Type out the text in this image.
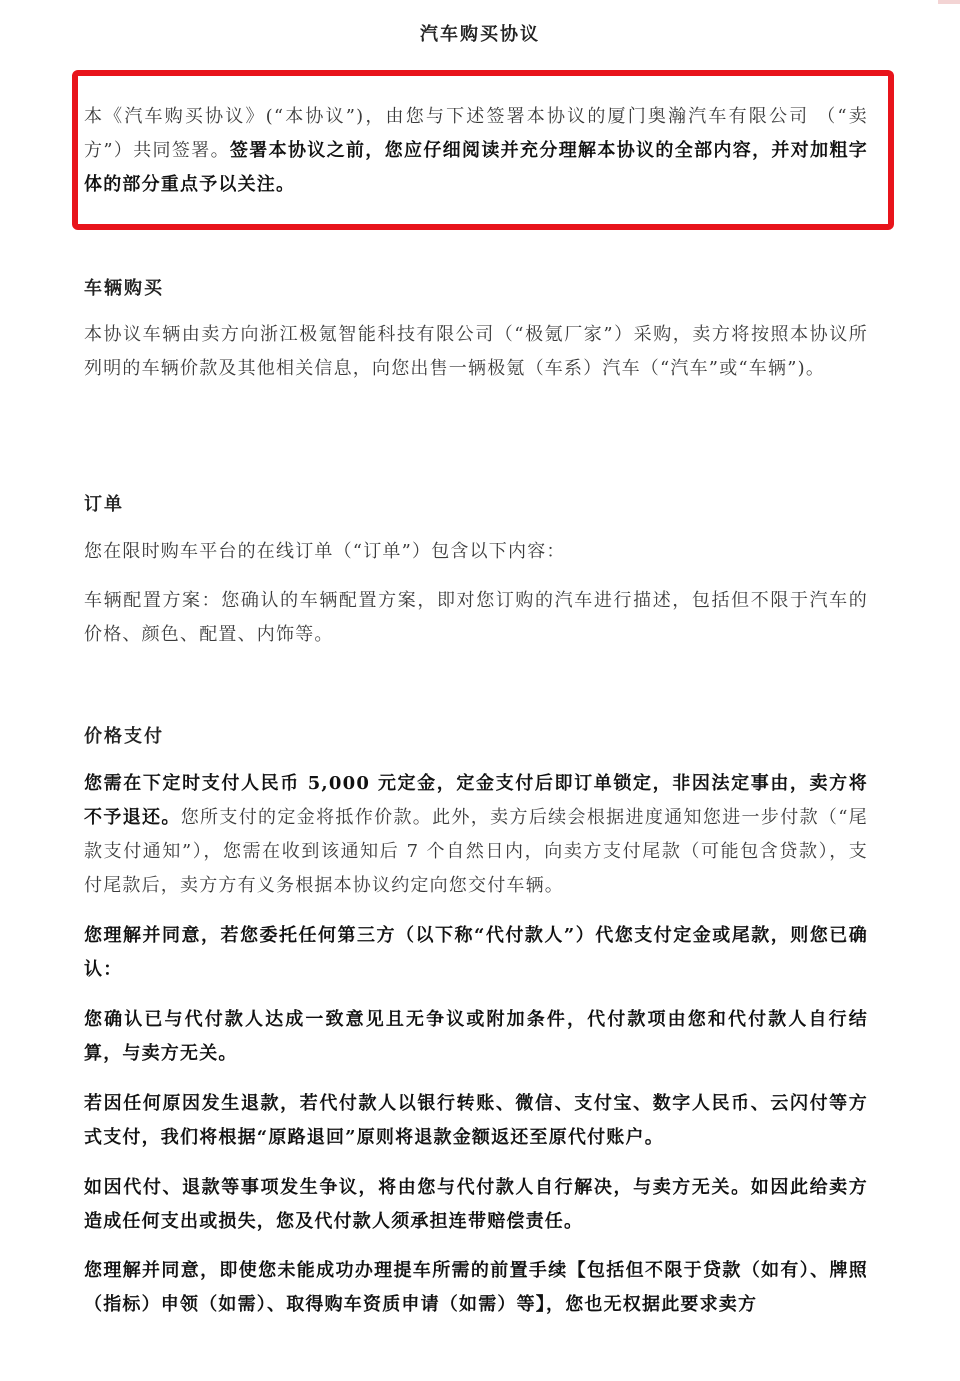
汽车购买协议

本《汽车购买协议》(“本协议”)，由您与下述签署本协议的厦门奥瀚汽车有限公司 （“卖方”）共同签署。签署本协议之前，您应仔细阅读并充分理解本协议的全部内容，并对加粗字体的部分重点予以关注。

车辆购买

本协议车辆由卖方向浙江极氪智能科技有限公司（“极氪厂家”）采购，卖方将按照本协议所列明的车辆价款及其他相关信息，向您出售一辆极氪（车系）汽车（“汽车”或“车辆”)。

订单

您在限时购车平台的在线订单（“订单”）包含以下内容：

车辆配置方案：您确认的车辆配置方案，即对您订购的汽车进行描述，包括但不限于汽车的价格、颜色、配置、内饰等。

价格支付

您需在下定时支付人民币 5,000 元定金，定金支付后即订单锁定，非因法定事由，卖方将不予退还。您所支付的定金将抵作价款。此外，卖方后续会根据进度通知您进一步付款（“尾款支付通知”），您需在收到该通知后 7 个自然日内，向卖方支付尾款（可能包含贷款），支付尾款后，卖方方有义务根据本协议约定向您交付车辆。

您理解并同意，若您委托任何第三方（以下称“代付款人”）代您支付定金或尾款，则您已确认：

您确认已与代付款人达成一致意见且无争议或附加条件，代付款项由您和代付款人自行结算，与卖方无关。

若因任何原因发生退款，若代付款人以银行转账、微信、支付宝、数字人民币、云闪付等方式支付，我们将根据“原路退回”原则将退款金额返还至原代付账户。

如因代付、退款等事项发生争议，将由您与代付款人自行解决，与卖方无关。如因此给卖方造成任何支出或损失，您及代付款人须承担连带赔偿责任。

您理解并同意，即使您未能成功办理提车所需的前置手续【包括但不限于贷款（如有）、牌照（指标）申领（如需）、取得购车资质申请（如需）等】，您也无权据此要求卖方
